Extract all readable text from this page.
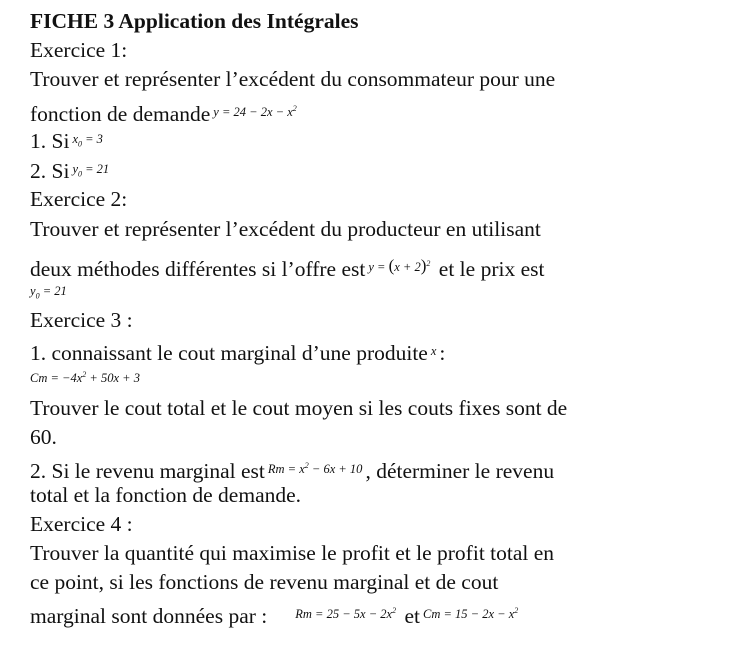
FICHE 3 Application des Intégrales
Exercice 1:
Trouver et représenter l’excédent du consommateur pour une
fonction de demande $^{y = 24 - 2x - x^2}$
1. Si $^{x_0 = 3}$
2. Si $^{y_0 = 21}$
Exercice 2:
Trouver et représenter l’excédent du producteur en utilisant
deux méthodes différentes si l’offre est $^{y = (x + 2)^2}$ et le prix est
$y_0 = 21$
Exercice 3 :
1. connaissant le cout marginal d’une produite $^x$ :
$Cm = -4x^2 + 50x + 3$
Trouver le cout total et le cout moyen si les couts fixes sont de
60.
2. Si le revenu marginal est $^{Rm = x^2 - 6x + 10}$ , déterminer le revenu
total et la fonction de demande.
Exercice 4 :
Trouver la quantité qui maximise le profit et le profit total en
ce point, si les fonctions de revenu marginal et de cout
marginal sont données par : $^{Rm = 25 - 5x - 2x^2}$ et $^{Cm = 15 - 2x - x^2}$
